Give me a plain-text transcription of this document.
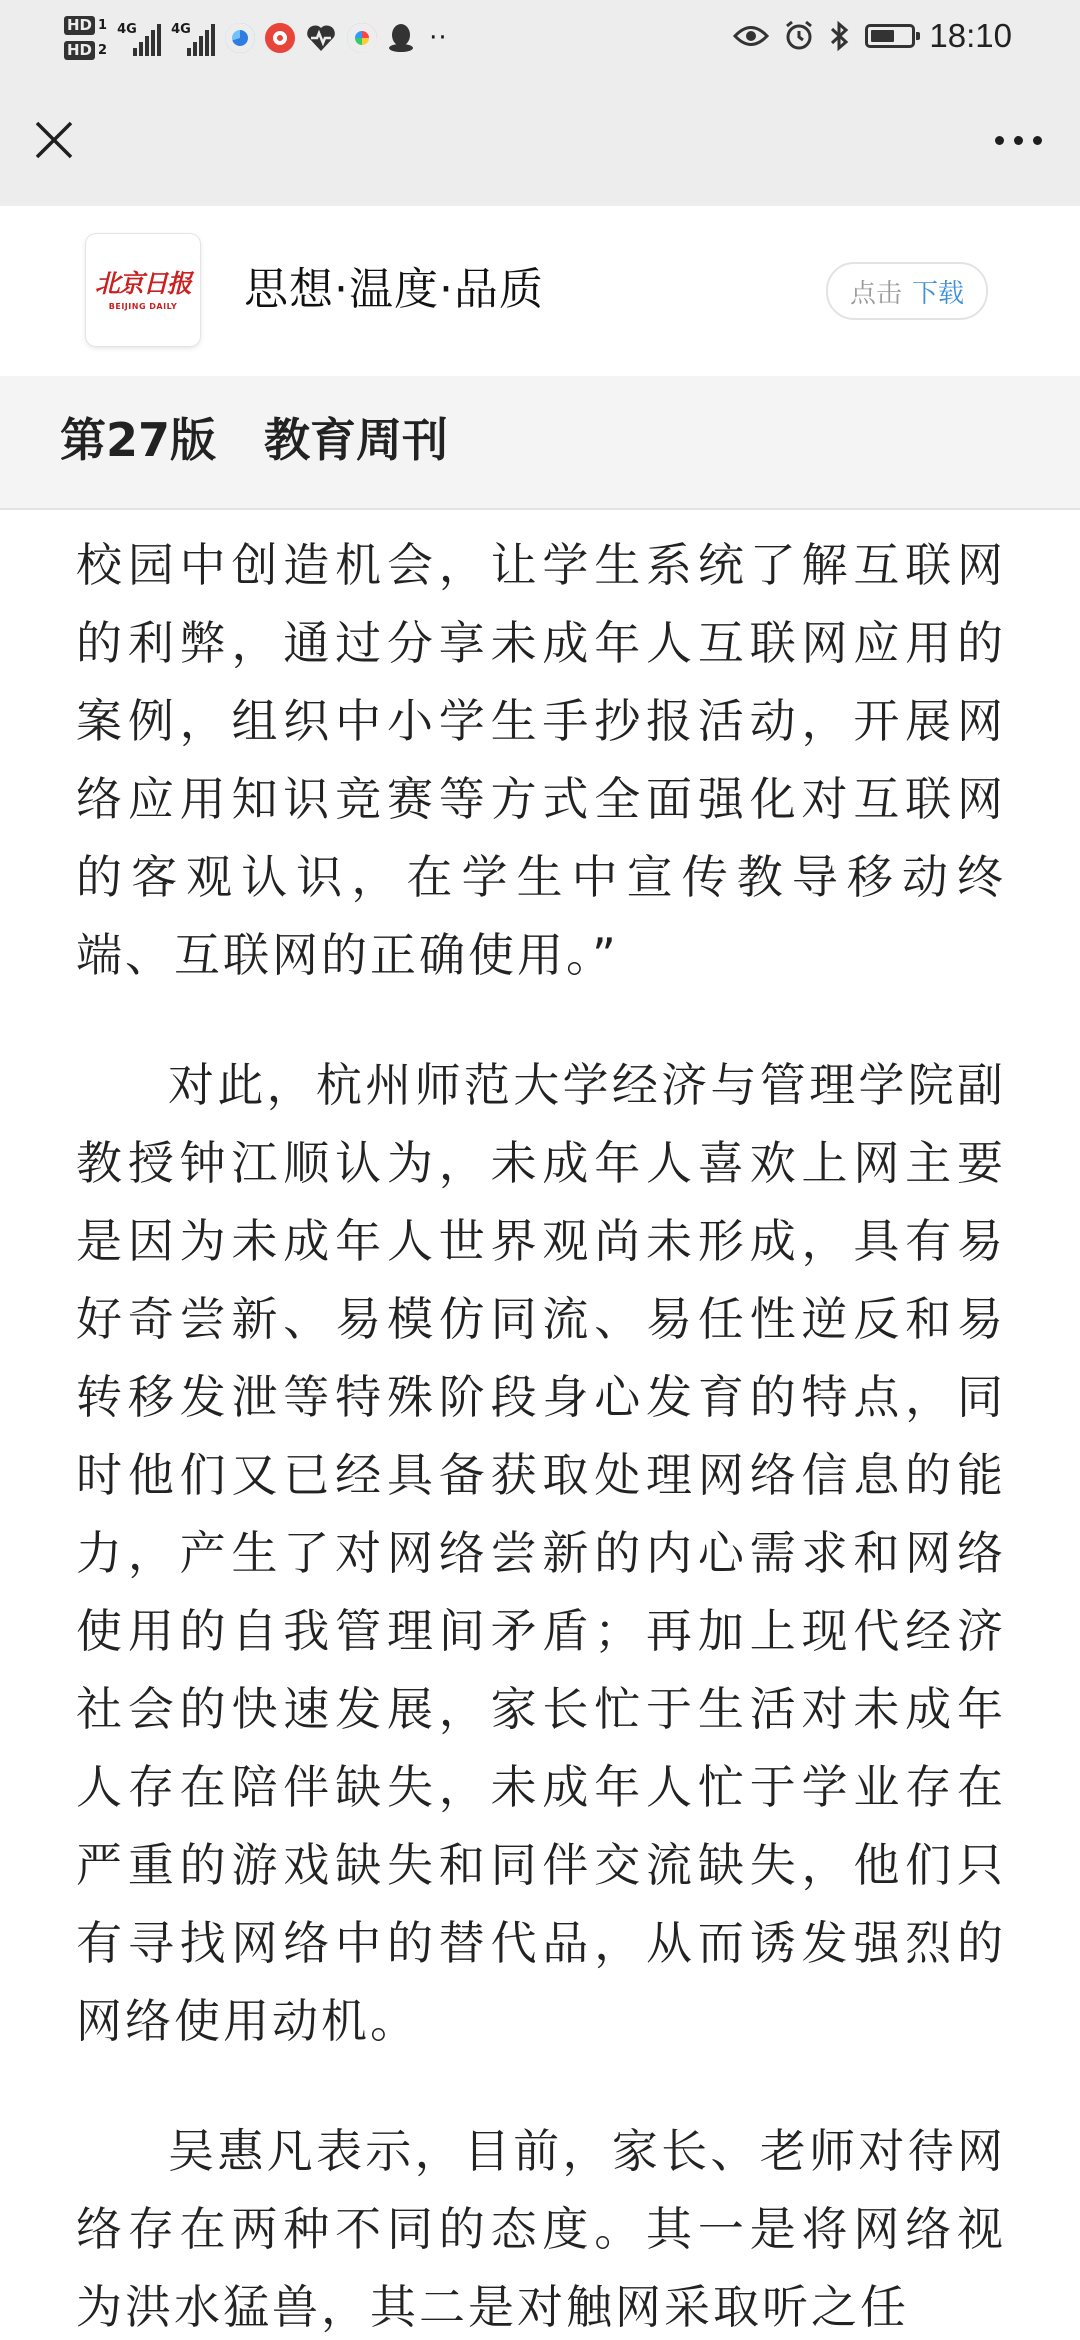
HD 1
HD 2
4G	4G	··	18:10
北京日报
BEIJING DAILY 思想·温度·品质	点击 下载
第27版 教育周刊

校园中创造机会，让学生系统了解互联网的利弊，通过分享未成年人互联网应用的案例，组织中小学生手抄报活动，开展网络应用知识竞赛等方式全面强化对互联网的客观认识，在学生中宣传教导移动终端、互联网的正确使用。”

对此，杭州师范大学经济与管理学院副教授钟江顺认为，未成年人喜欢上网主要是因为未成年人世界观尚未形成，具有易好奇尝新、易模仿同流、易任性逆反和易转移发泄等特殊阶段身心发育的特点，同时他们又已经具备获取处理网络信息的能力，产生了对网络尝新的内心需求和网络使用的自我管理间矛盾；再加上现代经济社会的快速发展，家长忙于生活对未成年人存在陪伴缺失，未成年人忙于学业存在严重的游戏缺失和同伴交流缺失，他们只有寻找网络中的替代品，从而诱发强烈的网络使用动机。

吴惠凡表示，目前，家长、老师对待网络存在两种不同的态度。其一是将网络视为洪水猛兽，其二是对触网采取听之任
